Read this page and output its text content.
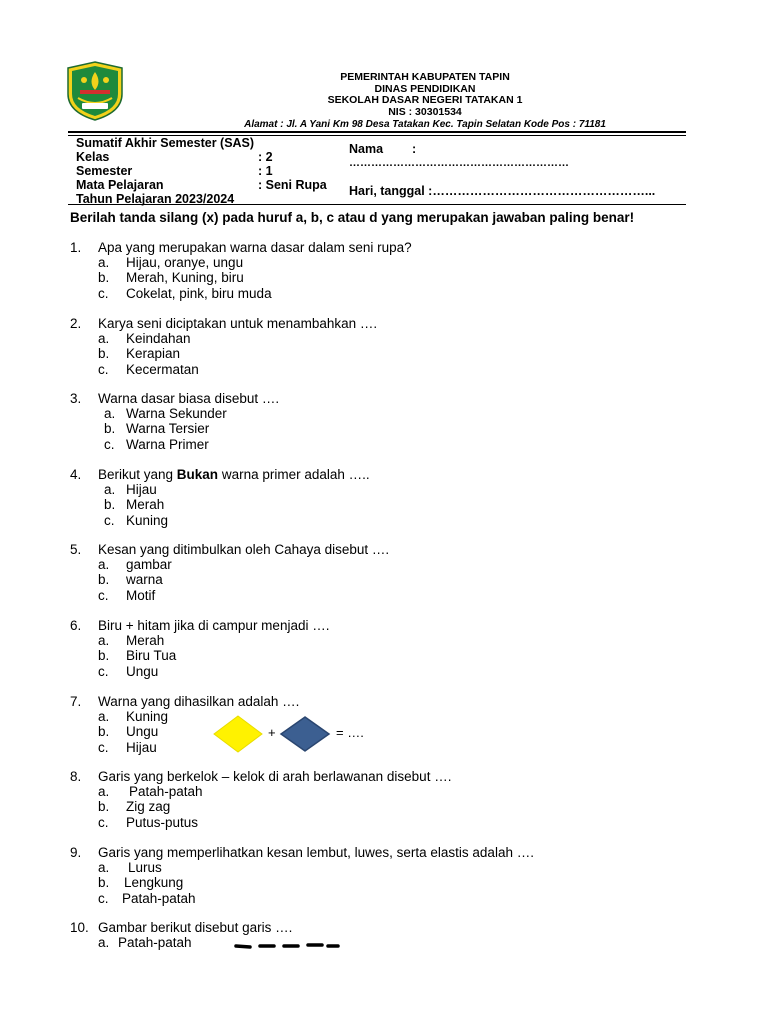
PEMERINTAH KABUPATEN TAPIN
DINAS PENDIDIKAN
SEKOLAH DASAR NEGERI TATAKAN 1
NIS : 30301534
Alamat : Jl. A Yani Km 98 Desa Tatakan Kec. Tapin Selatan Kode Pos : 71181
Sumatif Akhir Semester (SAS)
Kelas	: 2
Semester	: 1
Mata Pelajaran	: Seni Rupa
Tahun Pelajaran 2023/2024
Nama :
……………………………………………………
Hari, tanggal :……………………………………………...
Berilah tanda silang (x) pada huruf a, b, c atau d yang merupakan jawaban paling benar!
1. Apa yang merupakan warna dasar dalam seni rupa?
a. Hijau, oranye, ungu
b. Merah, Kuning, biru
c. Cokelat, pink, biru muda
2. Karya seni diciptakan untuk menambahkan ….
a. Keindahan
b. Kerapian
c. Kecermatan
3. Warna dasar biasa disebut ….
a. Warna Sekunder
b. Warna Tersier
c. Warna Primer
4. Berikut yang Bukan warna primer adalah …..
a. Hijau
b. Merah
c. Kuning
5. Kesan yang ditimbulkan oleh Cahaya disebut ….
a. gambar
b. warna
c. Motif
6. Biru + hitam jika di campur menjadi ….
a. Merah
b. Biru Tua
c. Ungu
7. Warna yang dihasilkan adalah ….
a. Kuning
b. Ungu
c. Hijau
+	= ….
8. Garis yang berkelok – kelok di arah berlawanan disebut ….
a. Patah-patah
b. Zig zag
c. Putus-putus
9. Garis yang memperlihatkan kesan lembut, luwes, serta elastis adalah ….
a. Lurus
b. Lengkung
c. Patah-patah
10. Gambar berikut disebut garis ….
a. Patah-patah
